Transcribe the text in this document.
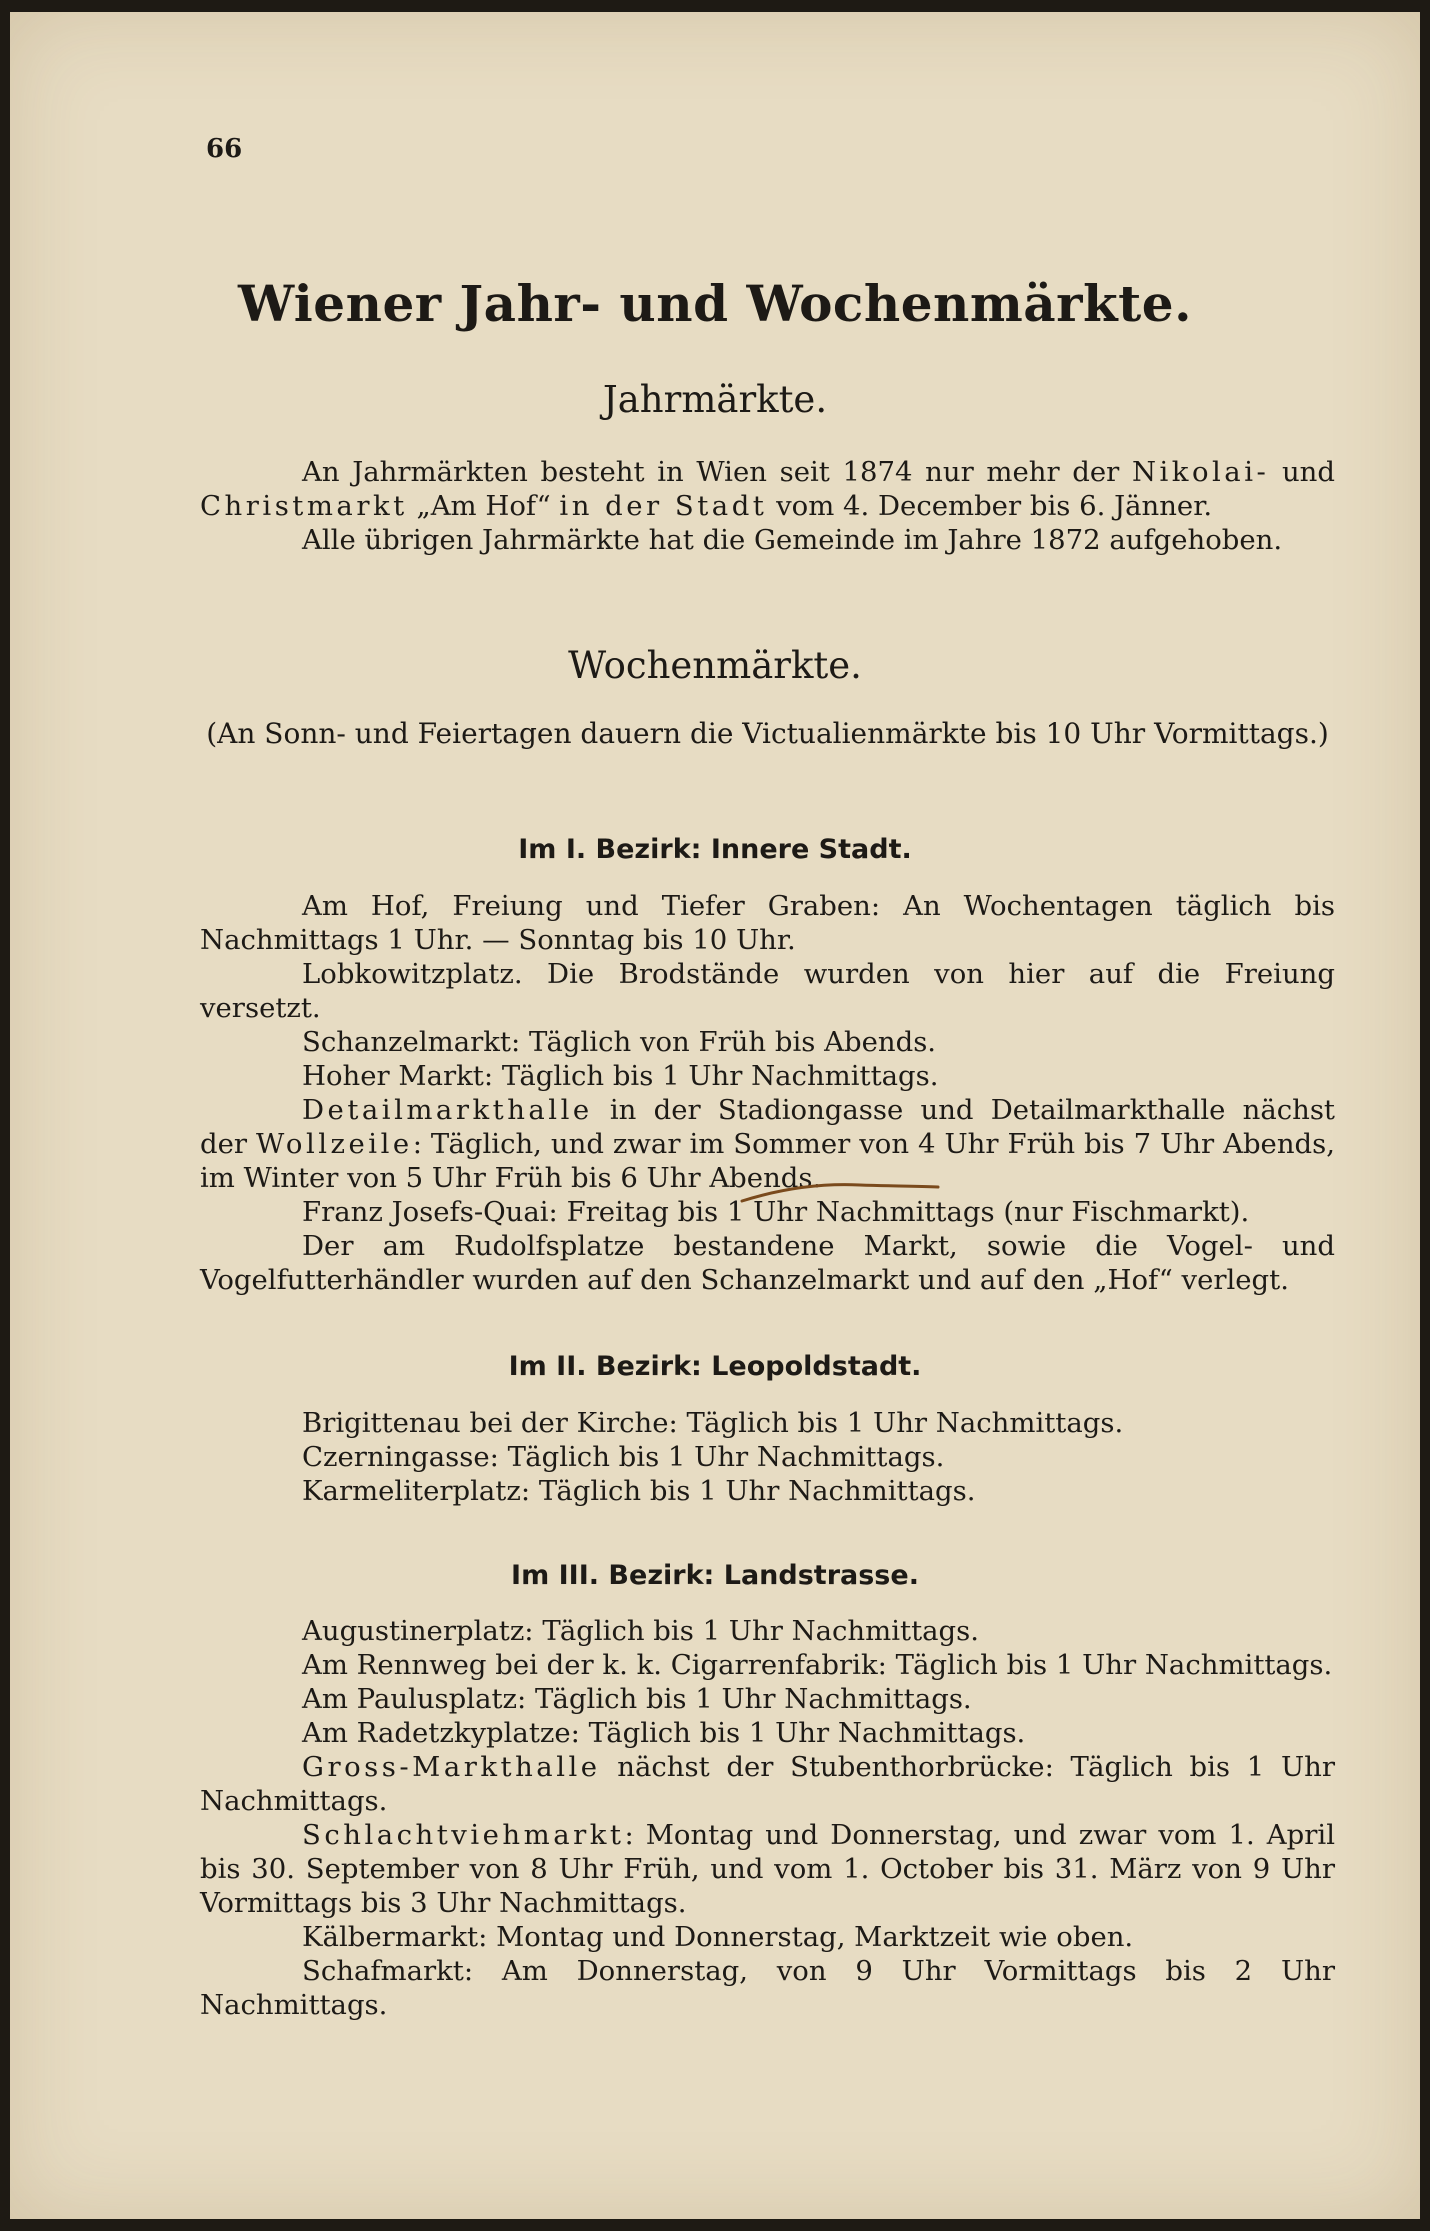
66
Wiener Jahr- und Wochenmärkte.
Jahrmärkte.

An Jahrmärkten besteht in Wien seit 1874 nur mehr der Nikolai- und Christmarkt „Am Hof“ in der Stadt vom 4. December bis 6. Jänner.

Alle übrigen Jahrmärkte hat die Gemeinde im Jahre 1872 aufgehoben.

Wochenmärkte.

(An Sonn- und Feiertagen dauern die Victualienmärkte bis 10 Uhr Vormittags.)

Im I. Bezirk: Innere Stadt.

Am Hof, Freiung und Tiefer Graben: An Wochentagen täglich bis Nachmittags 1 Uhr. — Sonntag bis 10 Uhr.

Lobkowitzplatz. Die Brodstände wurden von hier auf die Freiung versetzt.

Schanzelmarkt: Täglich von Früh bis Abends.

Hoher Markt: Täglich bis 1 Uhr Nachmittags.

Detailmarkthalle in der Stadiongasse und Detailmarkthalle nächst der Wollzeile: Täglich, und zwar im Sommer von 4 Uhr Früh bis 7 Uhr Abends, im Winter von 5 Uhr Früh bis 6 Uhr Abends.

Franz Josefs-Quai: Freitag bis 1 Uhr Nachmittags (nur Fischmarkt).

Der am Rudolfsplatze bestandene Markt, sowie die Vogel- und Vogelfutterhändler wurden auf den Schanzelmarkt und auf den „Hof“ verlegt.

Im II. Bezirk: Leopoldstadt.

Brigittenau bei der Kirche: Täglich bis 1 Uhr Nachmittags.

Czerningasse: Täglich bis 1 Uhr Nachmittags.

Karmeliterplatz: Täglich bis 1 Uhr Nachmittags.

Im III. Bezirk: Landstrasse.

Augustinerplatz: Täglich bis 1 Uhr Nachmittags.

Am Rennweg bei der k. k. Cigarrenfabrik: Täglich bis 1 Uhr Nachmittags.

Am Paulusplatz: Täglich bis 1 Uhr Nachmittags.

Am Radetzkyplatze: Täglich bis 1 Uhr Nachmittags.

Gross-Markthalle nächst der Stubenthorbrücke: Täglich bis 1 Uhr Nachmittags.

Schlachtviehmarkt: Montag und Donnerstag, und zwar vom 1. April bis 30. September von 8 Uhr Früh, und vom 1. October bis 31. März von 9 Uhr Vormittags bis 3 Uhr Nachmittags.

Kälbermarkt: Montag und Donnerstag, Marktzeit wie oben.

Schafmarkt: Am Donnerstag, von 9 Uhr Vormittags bis 2 Uhr Nachmittags.
